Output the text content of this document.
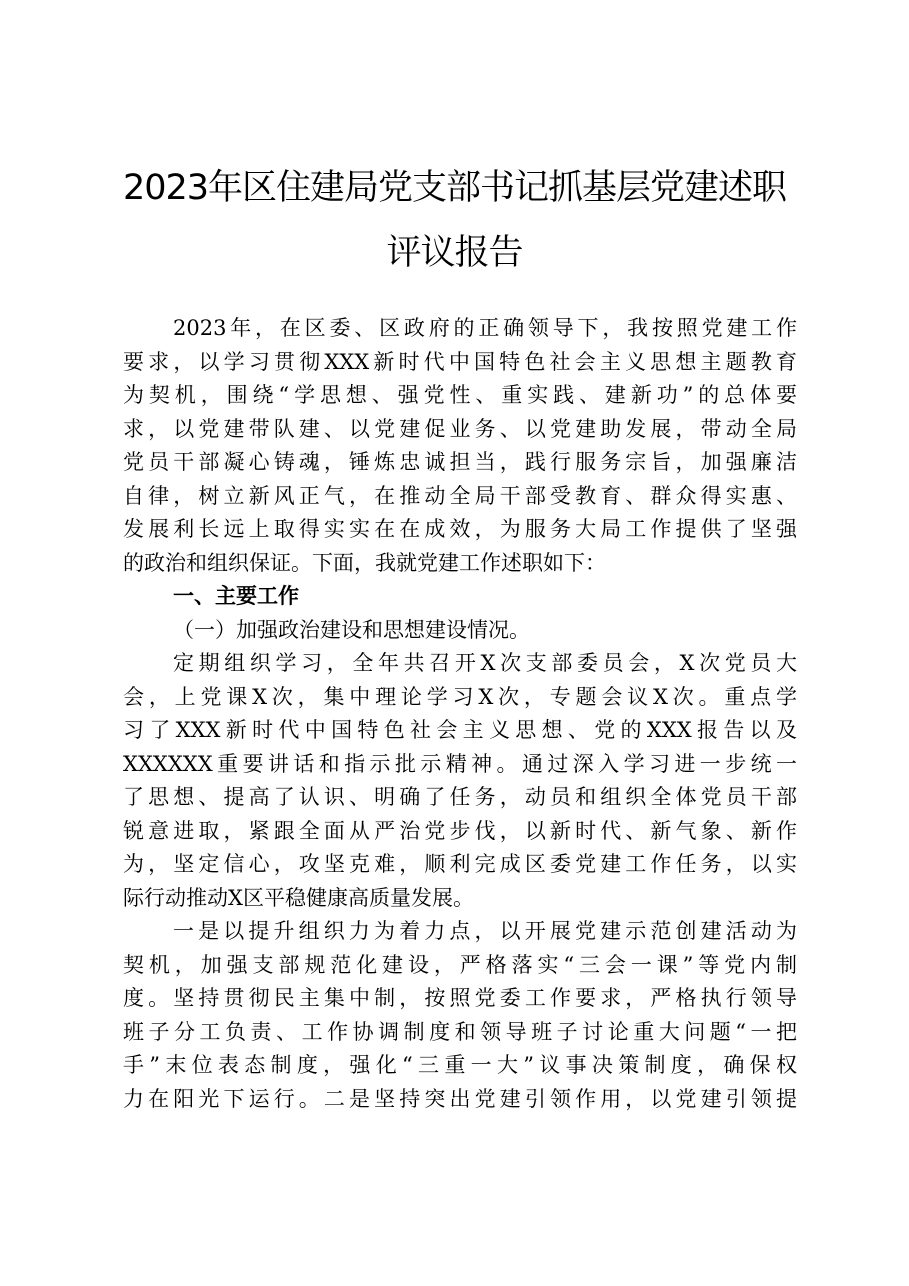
2023年区住建局党支部书记抓基层党建述职
评议报告
2023年，在区委、区政府的正确领导下，我按照党建工作
要求，以学习贯彻XXX新时代中国特色社会主义思想主题教育
为契机，围绕“学思想、强党性、重实践、建新功”的总体要
求，以党建带队建、以党建促业务、以党建助发展，带动全局
党员干部凝心铸魂，锤炼忠诚担当，践行服务宗旨，加强廉洁
自律，树立新风正气，在推动全局干部受教育、群众得实惠、
发展利长远上取得实实在在成效，为服务大局工作提供了坚强
的政治和组织保证。下面，我就党建工作述职如下：
一、主要工作
（一）加强政治建设和思想建设情况。
定期组织学习，全年共召开X次支部委员会，X次党员大
会，上党课X次，集中理论学习X次，专题会议X次。重点学
习了XXX新时代中国特色社会主义思想、党的XXX报告以及
XXXXXX重要讲话和指示批示精神。通过深入学习进一步统一
了思想、提高了认识、明确了任务，动员和组织全体党员干部
锐意进取，紧跟全面从严治党步伐，以新时代、新气象、新作
为，坚定信心，攻坚克难，顺利完成区委党建工作任务，以实
际行动推动X区平稳健康高质量发展。
一是以提升组织力为着力点，以开展党建示范创建活动为
契机，加强支部规范化建设，严格落实“三会一课”等党内制
度。坚持贯彻民主集中制，按照党委工作要求，严格执行领导
班子分工负责、工作协调制度和领导班子讨论重大问题“一把
手”末位表态制度，强化“三重一大”议事决策制度，确保权
力在阳光下运行。二是坚持突出党建引领作用，以党建引领提
